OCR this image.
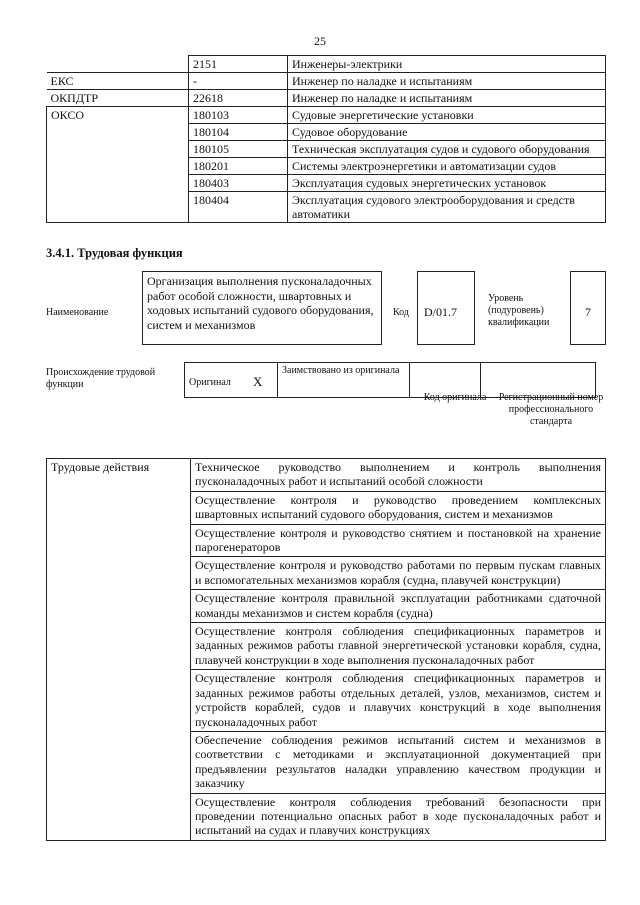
25
	2151	Инженеры-электрики
ЕКС	-	Инженер по наладке и испытаниям
ОКПДТР	22618	Инженер по наладке и испытаниям
ОКСО	180103	Судовые энергетические установки
	180104	Судовое оборудование
	180105	Техническая эксплуатация судов и судового оборудования
	180201	Системы электроэнергетики и автоматизации судов
	180403	Эксплуатация судовых энергетических установок
	180404	Эксплуатация судового электрооборудования и средств автоматики
3.4.1. Трудовая функция
Наименование
Организация выполнения пусконаладочных работ особой сложности, швартовных и ходовых испытаний судового оборудования, систем и механизмов
Код	D/01.7
Уровень (подуровень) квалификации
7
Происхождение трудовой функции	Оригинал	X	Заимствовано из оригинала		
Код оригинала	Регистрационный номер профессионального стандарта
Трудовые действия	Техническое руководство выполнением и контроль выполнения пусконаладочных работ и испытаний особой сложности
Осуществление контроля и руководство проведением комплексных швартовных испытаний судового оборудования, систем и механизмов
Осуществление контроля и руководство снятием и постановкой на хранение парогенераторов
Осуществление контроля и руководство работами по первым пускам главных и вспомогательных механизмов корабля (судна, плавучей конструкции)
Осуществление контроля правильной эксплуатации работниками сдаточной команды механизмов и систем корабля (судна)
Осуществление контроля соблюдения спецификационных параметров и заданных режимов работы главной энергетической установки корабля, судна, плавучей конструкции в ходе выполнения пусконаладочных работ
Осуществление контроля соблюдения спецификационных параметров и заданных режимов работы отдельных деталей, узлов, механизмов, систем и устройств кораблей, судов и плавучих конструкций в ходе выполнения пусконаладочных работ
Обеспечение соблюдения режимов испытаний систем и механизмов в соответствии с методиками и эксплуатационной документацией при предъявлении результатов наладки управлению качеством продукции и заказчику
Осуществление контроля соблюдения требований безопасности при проведении потенциально опасных работ в ходе пусконаладочных работ и испытаний на судах и плавучих конструкциях
